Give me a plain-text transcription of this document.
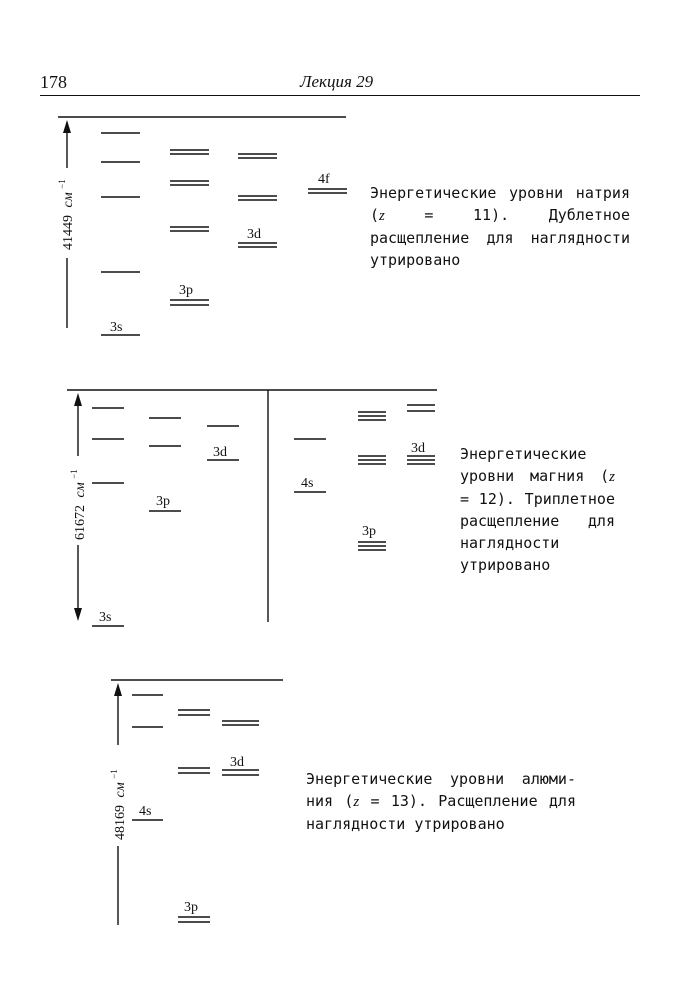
178	Лекция 29
41449 см $^{-1}$
3s
3p
3d
4f
Энергетические уровни натрия (z = 11). Дублетное расщепление для наглядности утрировано
61672 см $^{-1}$
3s
3p
3d
4s
3p
3d Энергетические уровни магния (z = 12). Триплетное расщепление для наглядности утрировано
48169 см $^{-1}$
4s
3p
3d
Энергетические уровни алюминия (z = 13). Расщепление для наглядности утрировано
